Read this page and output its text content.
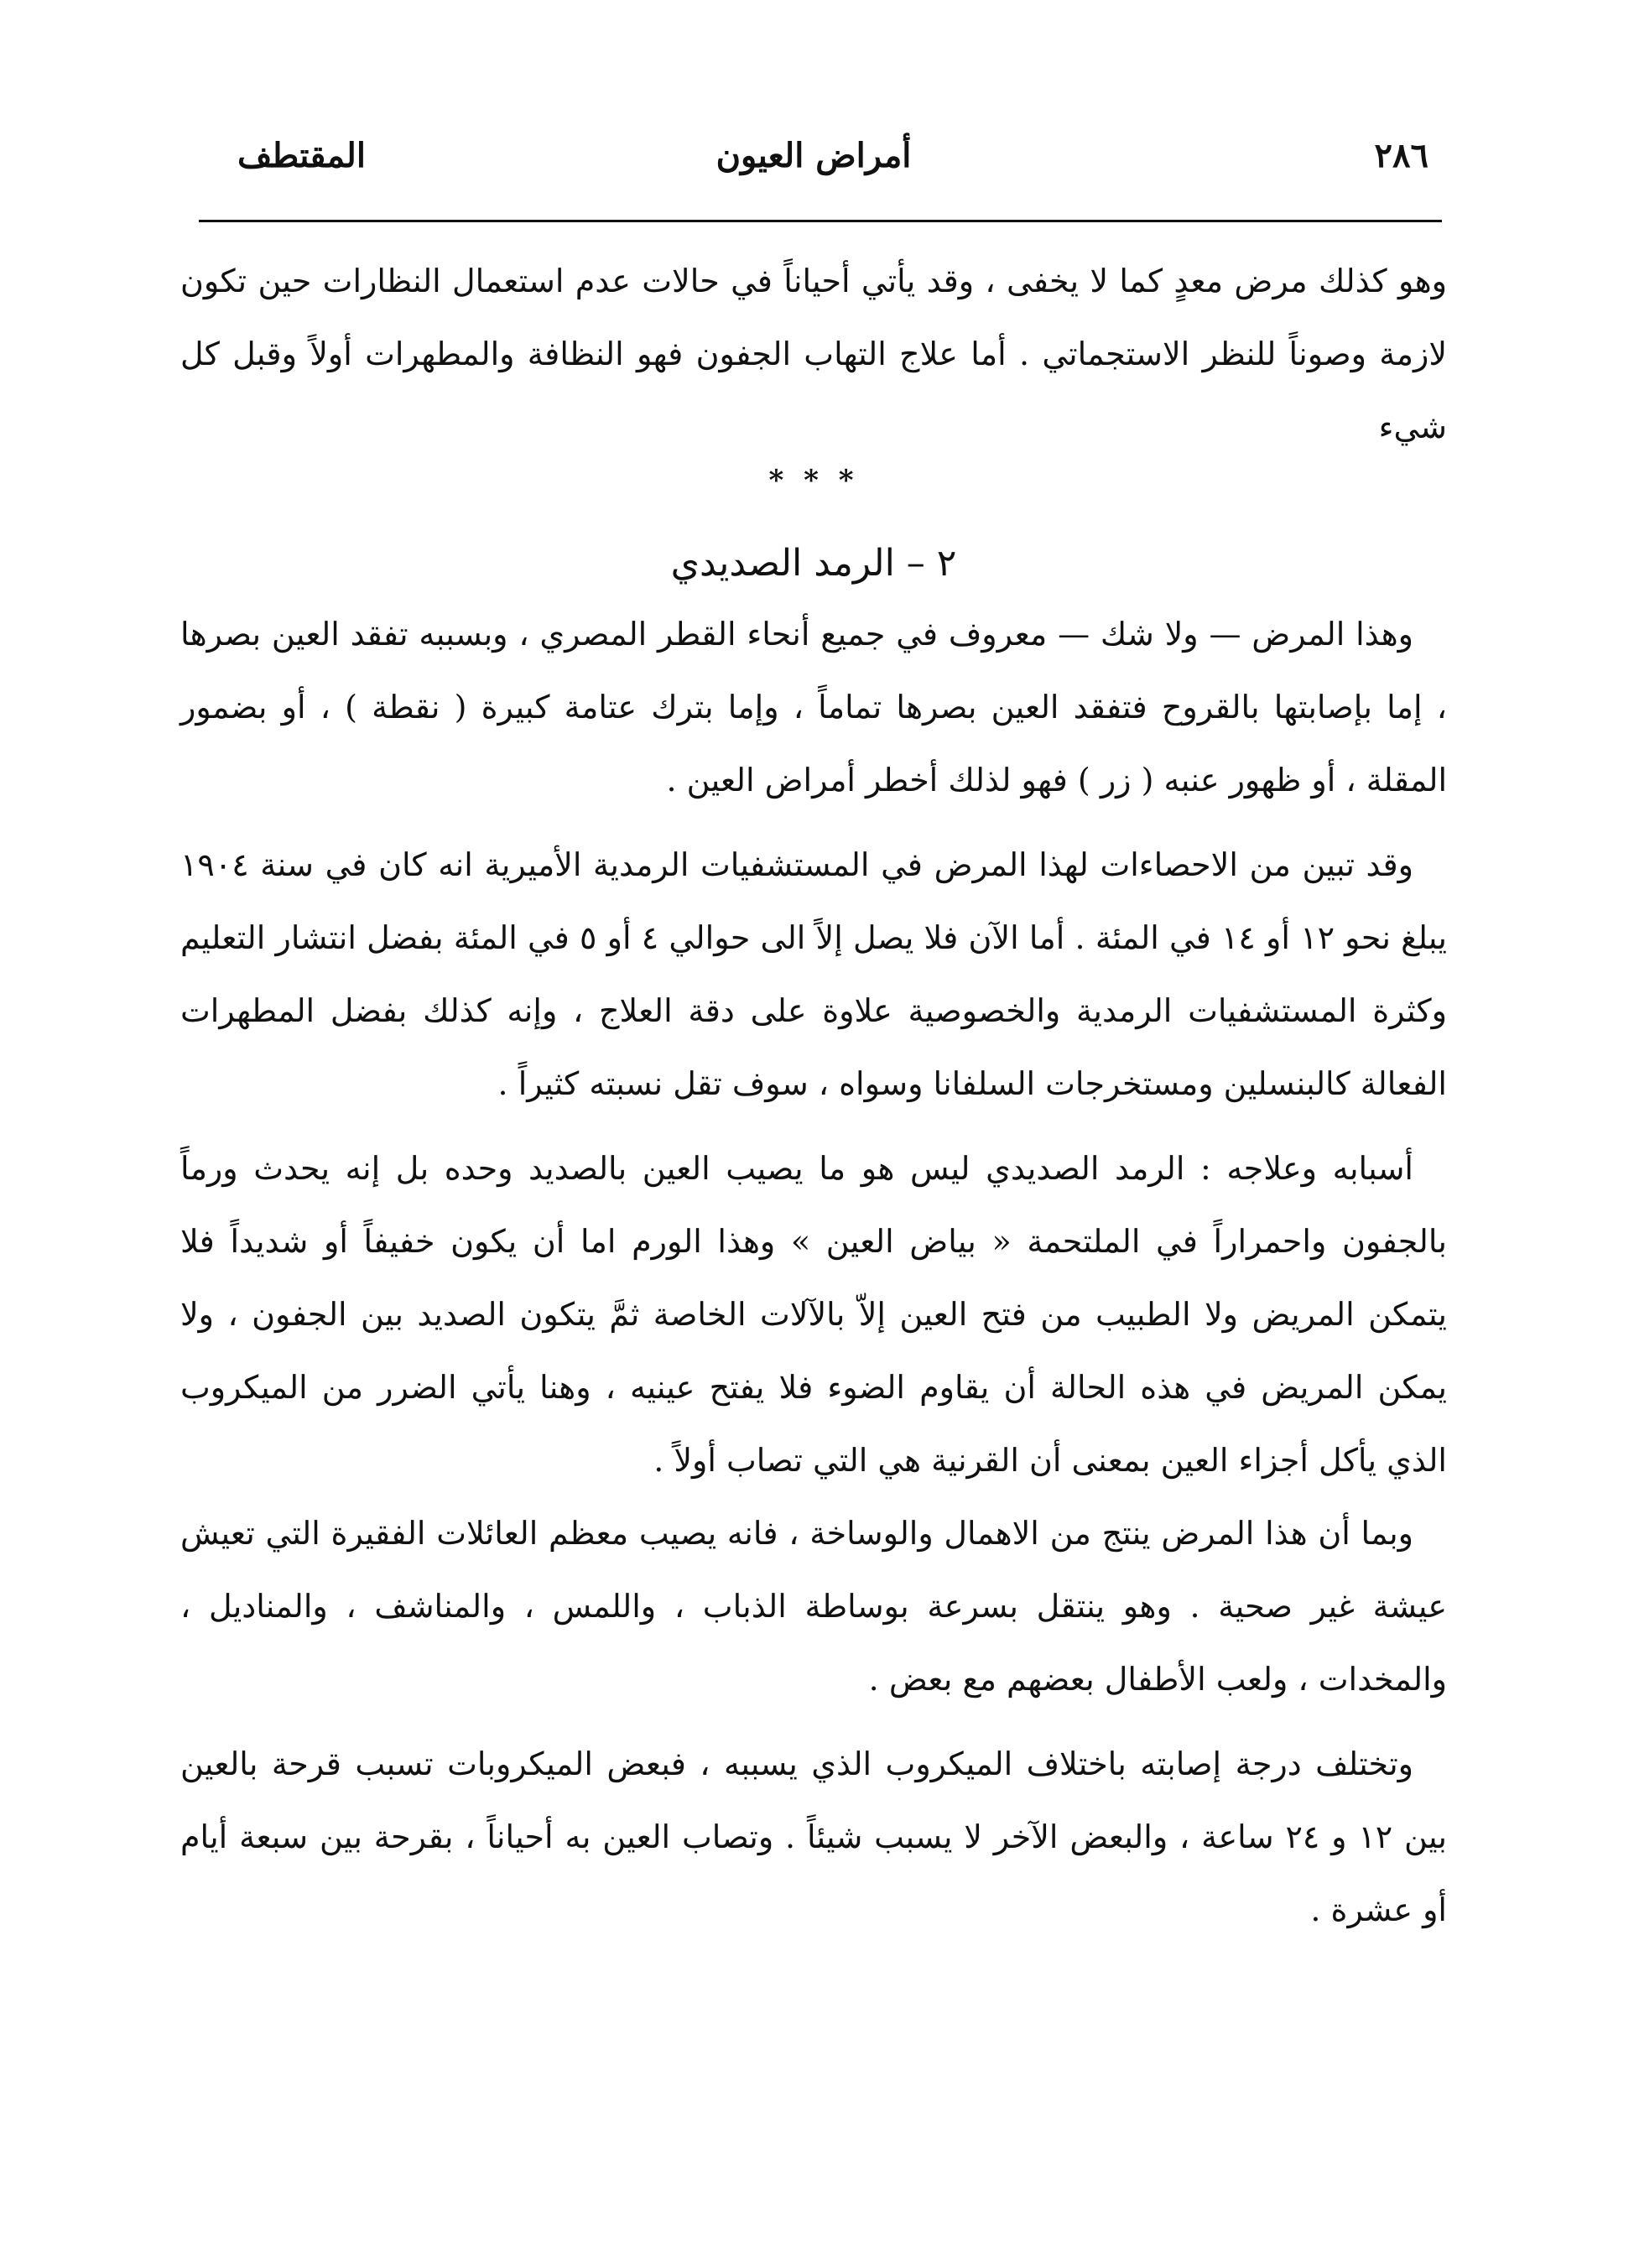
٢٨٦
أمراض العيون
المقتطف

وهو كذلك مرض معدٍ كما لا يخفى ، وقد يأتي أحياناً في حالات عدم استعمال النظارات حين تكون لازمة وصوناً للنظر الاستجماتي . أما علاج التهاب الجفون فهو النظافة والمطهرات أولاً وقبل كل شيء

* * *

٢ – الرمد الصديدي

وهذا المرض — ولا شك — معروف في جميع أنحاء القطر المصري ، وبسببه تفقد العين بصرها ، إما بإصابتها بالقروح فتفقد العين بصرها تماماً ، وإما بترك عتامة كبيرة ( نقطة ) ، أو بضمور المقلة ، أو ظهور عنبه ( زر ) فهو لذلك أخطر أمراض العين .

وقد تبين من الاحصاءات لهذا المرض في المستشفيات الرمدية الأميرية انه كان في سنة ١٩٠٤ يبلغ نحو ١٢ أو ١٤ في المئة . أما الآن فلا يصل إلاً الى حوالي ٤ أو ٥ في المئة بفضل انتشار التعليم وكثرة المستشفيات الرمدية والخصوصية علاوة على دقة العلاج ، وإنه كذلك بفضل المطهرات الفعالة كالبنسلين ومستخرجات السلفانا وسواه ، سوف تقل نسبته كثيراً .

أسبابه وعلاجه : الرمد الصديدي ليس هو ما يصيب العين بالصديد وحده بل إنه يحدث ورماً بالجفون واحمراراً في الملتحمة « بياض العين » وهذا الورم اما أن يكون خفيفاً أو شديداً فلا يتمكن المريض ولا الطبيب من فتح العين إلاّ بالآلات الخاصة ثمَّ يتكون الصديد بين الجفون ، ولا يمكن المريض في هذه الحالة أن يقاوم الضوء فلا يفتح عينيه ، وهنا يأتي الضرر من الميكروب الذي يأكل أجزاء العين بمعنى أن القرنية هي التي تصاب أولاً .

وبما أن هذا المرض ينتج من الاهمال والوساخة ، فانه يصيب معظم العائلات الفقيرة التي تعيش عيشة غير صحية . وهو ينتقل بسرعة بوساطة الذباب ، واللمس ، والمناشف ، والمناديل ، والمخدات ، ولعب الأطفال بعضهم مع بعض .

وتختلف درجة إصابته باختلاف الميكروب الذي يسببه ، فبعض الميكروبات تسبب قرحة بالعين بين ١٢ و ٢٤ ساعة ، والبعض الآخر لا يسبب شيئاً . وتصاب العين به أحياناً ، بقرحة بين سبعة أيام أو عشرة .
